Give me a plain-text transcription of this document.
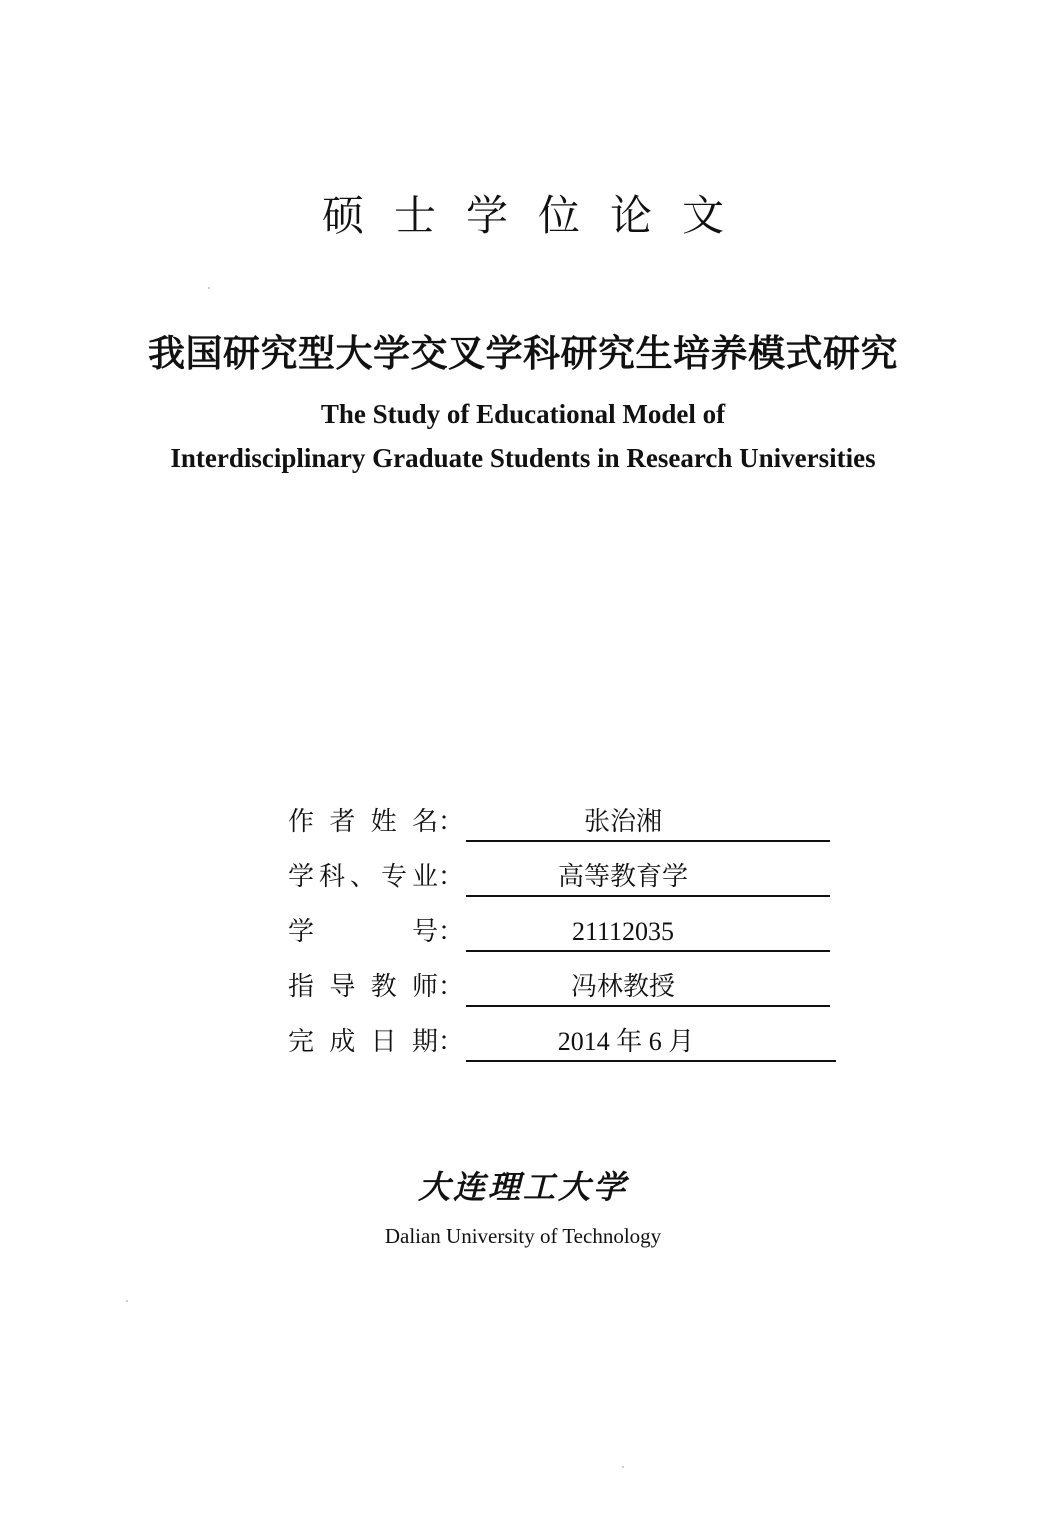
硕士学位论文
我国研究型大学交叉学科研究生培养模式研究
The Study of Educational Model of
Interdisciplinary Graduate Students in Research Universities
作 者 姓 名 ：	张治湘
学 科 、 专 业 ：	高等教育学
学	号 ：	21112035
指 导 教 师 ：	冯林教授
完 成 日 期 ：	2014 年 6 月
大连理工大学
Dalian University of Technology
